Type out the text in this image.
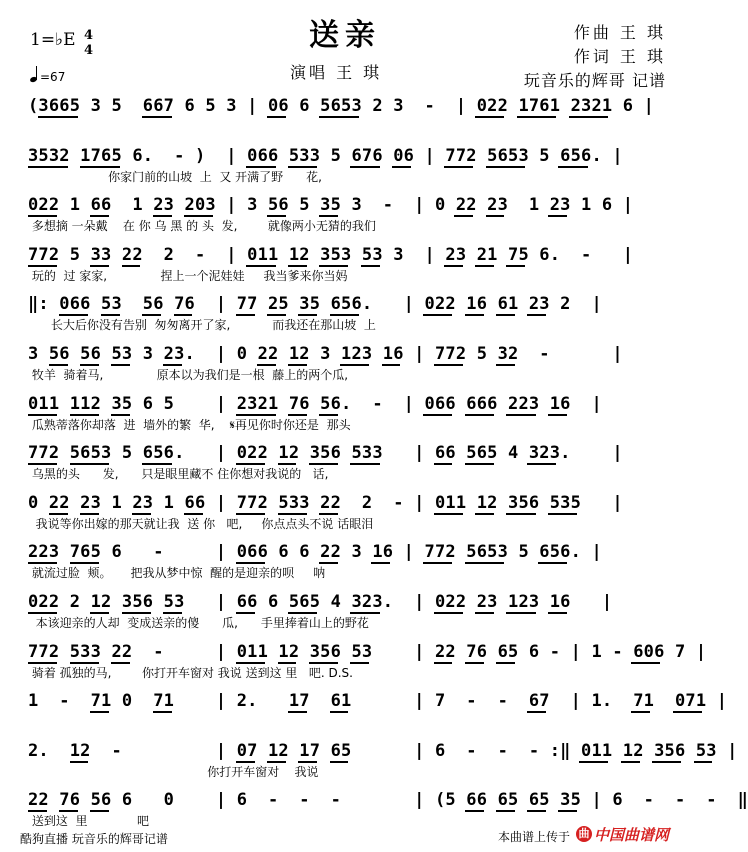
送亲
1=♭E 4
4
=67	演唱 王 琪
作曲 王 琪
作词 王 琪
玩音乐的辉哥 记谱
(3665 3 5  667 6 5 3 | 06 6 5653 2 3  -  | 022 1761 2321 6 |
3532 1765 6.  - )  | 066 533 5 676 06 | 772 5653 5 656. |
你家门前的山坡  上  又 开满了野      花,
022 1 66  1 23 203 | 3 56 5 35 3  -  | 0 22 23  1 23 1 6 |
多想摘 一朵戴    在 你 乌 黑 的 头  发,        就像两小无猜的我们
772 5 33 22  2  -  | 011 12 353 53 3  | 23 21 75 6.  -   |
玩的  过 家家,              捏上一个泥娃娃     我当爹来你当妈
‖: 066 53  56 76  | 77 25 35 656.   | 022 16 61 23 2  |
长大后你没有告别  匆匆离开了家,           而我还在那山坡  上
3 56 56 53 3 23.  | 0 22 12 3 123 16 | 772 5 32  -      |
牧羊  骑着马,              原本以为我们是一根  藤上的两个瓜,
011 112 35 6 5    | 2321 76 56.  -  | 066 666 223 16  |
瓜熟蒂落你却落  进  墙外的繁  华,    𝄋再见你时你还是  那头
772 5653 5 656.   | 022 12 356 533   | 66 565 4 323.    |
乌黑的头      发,      只是眼里藏不 住你想对我说的   话,
0 22 23 1 23 1 66 | 772 533 22  2  - | 011 12 356 535   |
我说等你出嫁的那天就让我  送 你   吧,     你点点头不说 话眼泪
223 765 6   -     | 066 6 6 22 3 16 | 772 5653 5 656. |
就流过脸  颊。     把我从梦中惊  醒的是迎亲的呗     呐
022 2 12 356 53   | 66 6 565 4 323.  | 022 23 123 16   |
本该迎亲的人却  变成送亲的傻      瓜,      手里捧着山上的野花
772 533 22  -     | 011 12 356 53    | 22 76 65 6 - | 1 - 606 7 |
骑着 孤独的马,        你打开车窗对 我说 送到这 里   吧. D.S.
1  -  71 0  71    | 2.   17  61      | 7  -  -  67  | 1.  71  071 |
2.  12  -         | 07 12 17 65      | 6  -  -  - :‖ 011 12 356 53 |
你打开车窗对    我说
22 76 56 6   0    | 6  -  -  -       | (5 66 65 65 35 | 6  -  -  -  ‖
送到这  里             吧
酷狗直播 玩音乐的辉哥记谱	本曲谱上传于 曲 中国曲谱网
